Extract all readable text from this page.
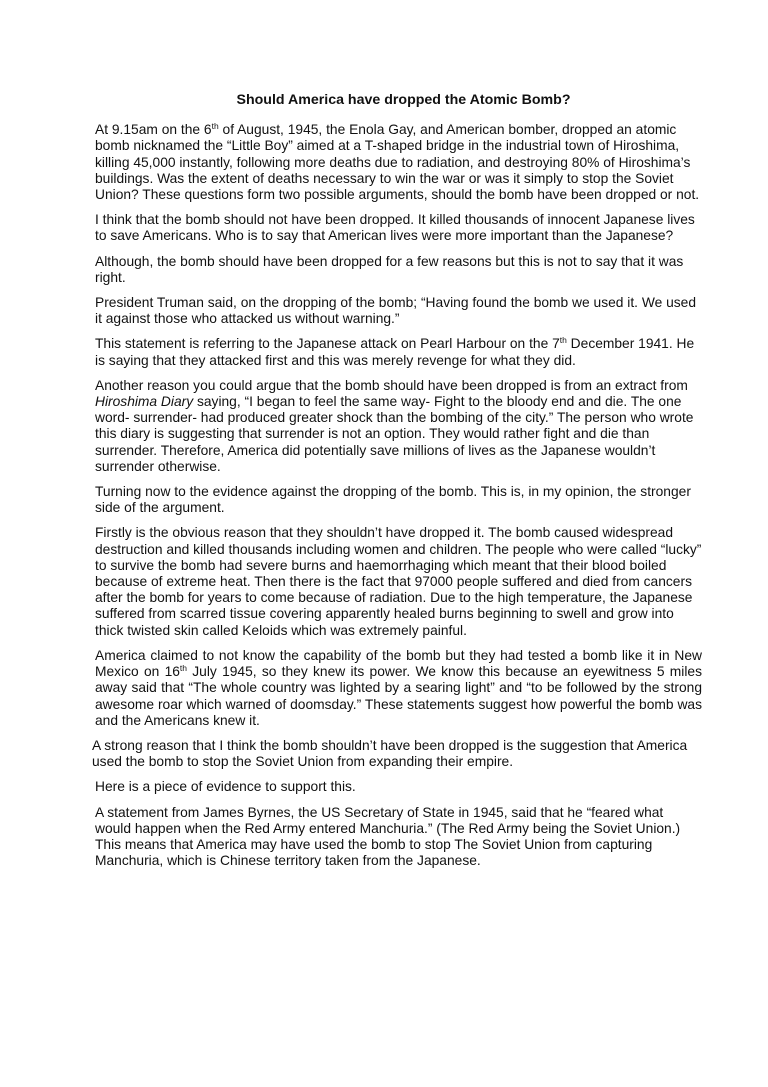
Should America have dropped the Atomic Bomb?

At 9.15am on the 6th of August, 1945, the Enola Gay, and American bomber, dropped an atomic bomb nicknamed the “Little Boy” aimed at a T-shaped bridge in the industrial town of Hiroshima, killing 45,000 instantly, following more deaths due to radiation, and destroying 80% of Hiroshima’s buildings. Was the extent of deaths necessary to win the war or was it simply to stop the Soviet Union? These questions form two possible arguments, should the bomb have been dropped or not.

I think that the bomb should not have been dropped. It killed thousands of innocent Japanese lives to save Americans. Who is to say that American lives were more important than the Japanese?

Although, the bomb should have been dropped for a few reasons but this is not to say that it was right.

President Truman said, on the dropping of the bomb; “Having found the bomb we used it. We used it against those who attacked us without warning.”

This statement is referring to the Japanese attack on Pearl Harbour on the 7th December 1941. He is saying that they attacked first and this was merely revenge for what they did.

Another reason you could argue that the bomb should have been dropped is from an extract from Hiroshima Diary saying, “I began to feel the same way- Fight to the bloody end and die. The one word- surrender- had produced greater shock than the bombing of the city.” The person who wrote this diary is suggesting that surrender is not an option. They would rather fight and die than surrender. Therefore, America did potentially save millions of lives as the Japanese wouldn’t surrender otherwise.

Turning now to the evidence against the dropping of the bomb. This is, in my opinion, the stronger side of the argument.

Firstly is the obvious reason that they shouldn’t have dropped it. The bomb caused widespread destruction and killed thousands including women and children. The people who were called “lucky” to survive the bomb had severe burns and haemorrhaging which meant that their blood boiled because of extreme heat. Then there is the fact that 97000 people suffered and died from cancers after the bomb for years to come because of radiation. Due to the high temperature, the Japanese suffered from scarred tissue covering apparently healed burns beginning to swell and grow into thick twisted skin called Keloids which was extremely painful.

America claimed to not know the capability of the bomb but they had tested a bomb like it in New Mexico on 16th July 1945, so they knew its power. We know this because an eyewitness 5 miles away said that “The whole country was lighted by a searing light” and “to be followed by the strong awesome roar which warned of doomsday.” These statements suggest how powerful the bomb was and the Americans knew it.

A strong reason that I think the bomb shouldn’t have been dropped is the suggestion that America used the bomb to stop the Soviet Union from expanding their empire.

Here is a piece of evidence to support this.

A statement from James Byrnes, the US Secretary of State in 1945, said that he “feared what would happen when the Red Army entered Manchuria.” (The Red Army being the Soviet Union.) This means that America may have used the bomb to stop The Soviet Union from capturing Manchuria, which is Chinese territory taken from the Japanese.
